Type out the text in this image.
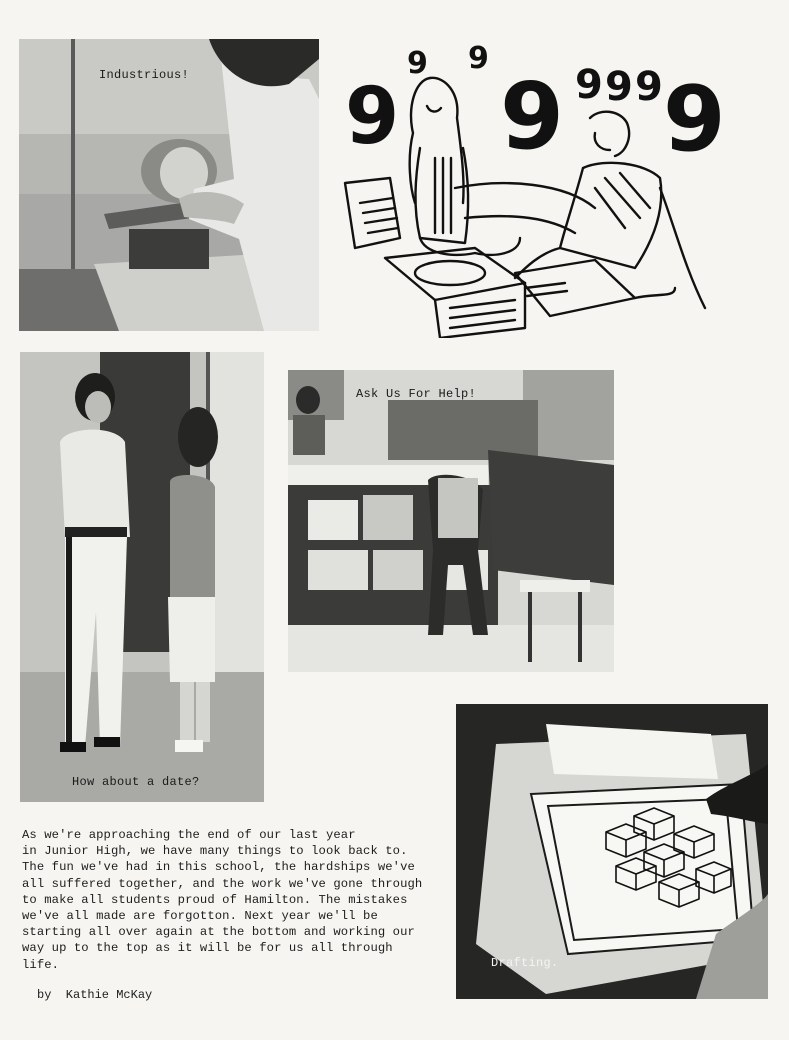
Industrious! 9
9 9
9 9 9 9 9
How about a date?
Ask Us For Help!
Drafting.
As we're approaching the end of our last year
in Junior High, we have many things to look back to.
The fun we've had in this school, the hardships we've
all suffered together, and the work we've gone through
to make all students proud of Hamilton. The mistakes
we've all made are forgotton. Next year we'll be
starting all over again at the bottom and working our
way up to the top as it will be for us all through
life.
by  Kathie McKay
